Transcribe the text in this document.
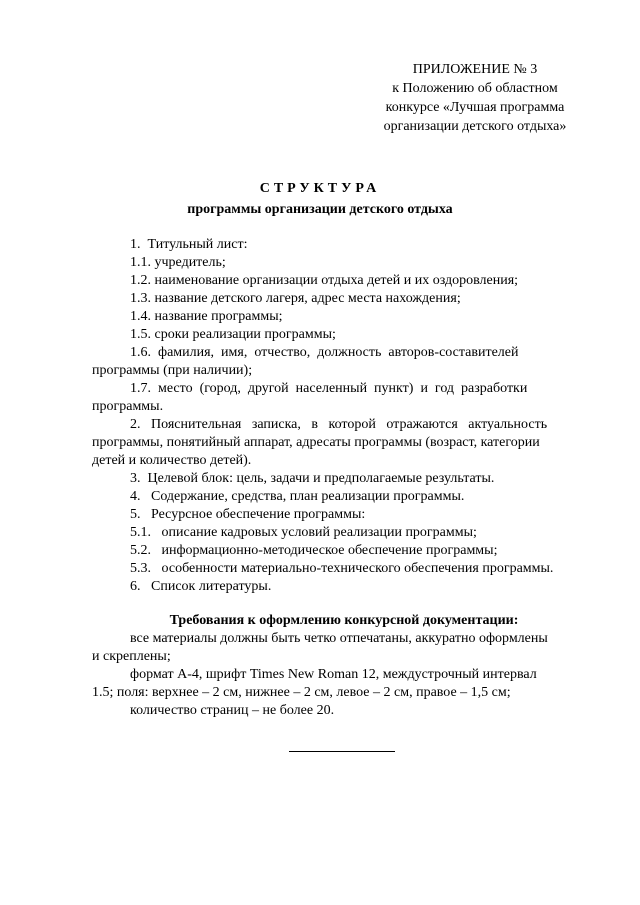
ПРИЛОЖЕНИЕ № 3
к Положению об областном
конкурсе «Лучшая программа
организации детского отдыха»
СТРУКТУРА
программы организации детского отдыха
1.  Титульный лист:
1.1. учредитель;
1.2. наименование организации отдыха детей и их оздоровления;
1.3. название детского лагеря, адрес места нахождения;
1.4. название программы;
1.5. сроки реализации программы;
1.6.  фамилия,  имя,  отчество,  должность  авторов-составителей
программы (при наличии);
1.7.  место  (город,  другой  населенный  пункт)  и  год  разработки
программы.
2.   Пояснительная   записка,   в   которой   отражаются   актуальность
программы, понятийный аппарат, адресаты программы (возраст, категории
детей и количество детей).
3.  Целевой блок: цель, задачи и предполагаемые результаты.
4.   Содержание, средства, план реализации программы.
5.   Ресурсное обеспечение программы:
5.1.   описание кадровых условий реализации программы;
5.2.   информационно-методическое обеспечение программы;
5.3.   особенности материально-технического обеспечения программы.
6.   Список литературы.
Требования к оформлению конкурсной документации:
все материалы должны быть четко отпечатаны, аккуратно оформлены
и скреплены;
формат А-4, шрифт Times New Roman 12, междустрочный интервал
1.5; поля: верхнее – 2 см, нижнее – 2 см, левое – 2 см, правое – 1,5 см;
количество страниц – не более 20.
